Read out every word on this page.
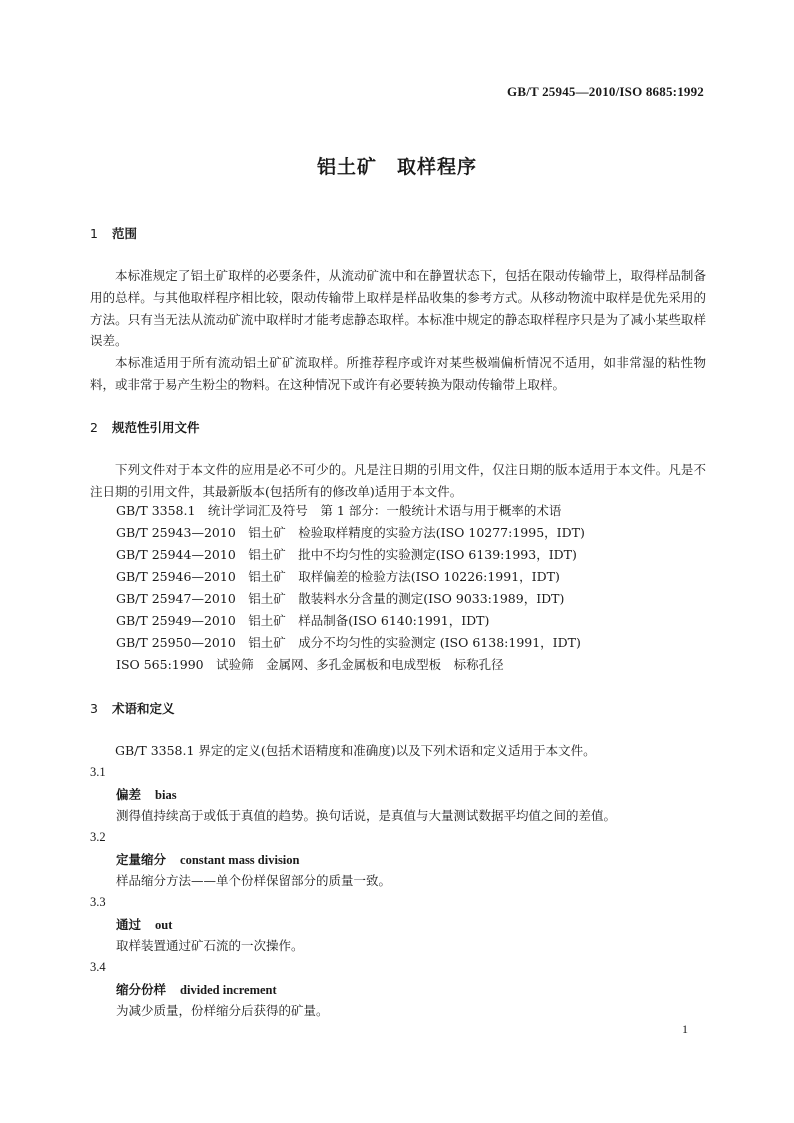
GB/T 25945—2010/ISO 8685:1992
铝土矿　取样程序
1 范围
本标准规定了铝土矿取样的必要条件，从流动矿流中和在静置状态下，包括在限动传输带上，取得样品制备用的总样。与其他取样程序相比较，限动传输带上取样是样品收集的参考方式。从移动物流中取样是优先采用的方法。只有当无法从流动矿流中取样时才能考虑静态取样。本标准中规定的静态取样程序只是为了减小某些取样误差。
本标准适用于所有流动铝土矿矿流取样。所推荐程序或许对某些极端偏析情况不适用，如非常湿的粘性物料，或非常于易产生粉尘的物料。在这种情况下或许有必要转换为限动传输带上取样。
2 规范性引用文件
下列文件对于本文件的应用是必不可少的。凡是注日期的引用文件，仅注日期的版本适用于本文件。凡是不注日期的引用文件，其最新版本(包括所有的修改单)适用于本文件。
GB/T 3358.1　统计学词汇及符号　第 1 部分：一般统计术语与用于概率的术语
GB/T 25943—2010　铝土矿　检验取样精度的实验方法(ISO 10277:1995，IDT)
GB/T 25944—2010　铝土矿　批中不均匀性的实验测定(ISO 6139:1993，IDT)
GB/T 25946—2010　铝土矿　取样偏差的检验方法(ISO 10226:1991，IDT)
GB/T 25947—2010　铝土矿　散装料水分含量的测定(ISO 9033:1989，IDT)
GB/T 25949—2010　铝土矿　样品制备(ISO 6140:1991，IDT)
GB/T 25950—2010　铝土矿　成分不均匀性的实验测定 (ISO 6138:1991，IDT)
ISO 565:1990　试验筛　金属网、多孔金属板和电成型板　标称孔径
3 术语和定义
GB/T 3358.1 界定的定义(包括术语精度和准确度)以及下列术语和定义适用于本文件。
3.1
偏差 bias
测得值持续高于或低于真值的趋势。换句话说，是真值与大量测试数据平均值之间的差值。
3.2
定量缩分 constant mass division
样品缩分方法——单个份样保留部分的质量一致。
3.3
通过 out
取样装置通过矿石流的一次操作。
3.4
缩分份样 divided increment
为减少质量，份样缩分后获得的矿量。
1
